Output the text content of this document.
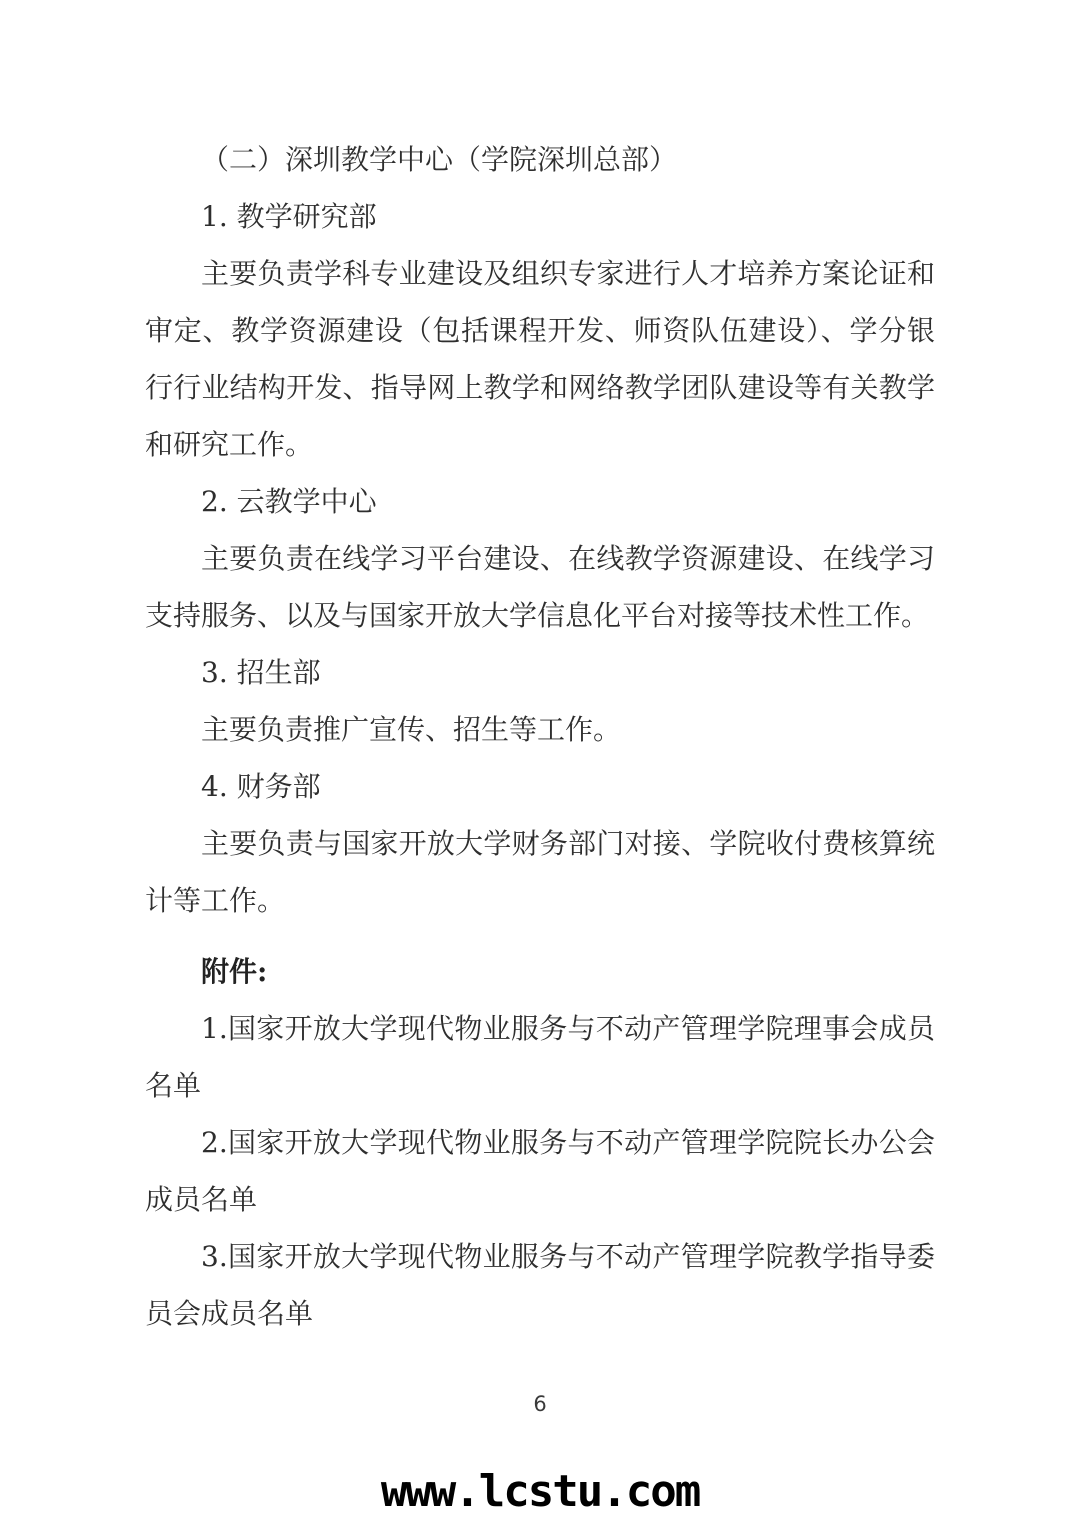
（二）深圳教学中心（学院深圳总部）

1. 教学研究部

主要负责学科专业建设及组织专家进行人才培养方案论证和审定、教学资源建设（包括课程开发、师资队伍建设）、学分银行行业结构开发、指导网上教学和网络教学团队建设等有关教学和研究工作。

2. 云教学中心

主要负责在线学习平台建设、在线教学资源建设、在线学习支持服务、以及与国家开放大学信息化平台对接等技术性工作。

3. 招生部

主要负责推广宣传、招生等工作。

4. 财务部

主要负责与国家开放大学财务部门对接、学院收付费核算统计等工作。

附件:

1.国家开放大学现代物业服务与不动产管理学院理事会成员名单

2.国家开放大学现代物业服务与不动产管理学院院长办公会成员名单

3.国家开放大学现代物业服务与不动产管理学院教学指导委员会成员名单

6
www.lcstu.com
